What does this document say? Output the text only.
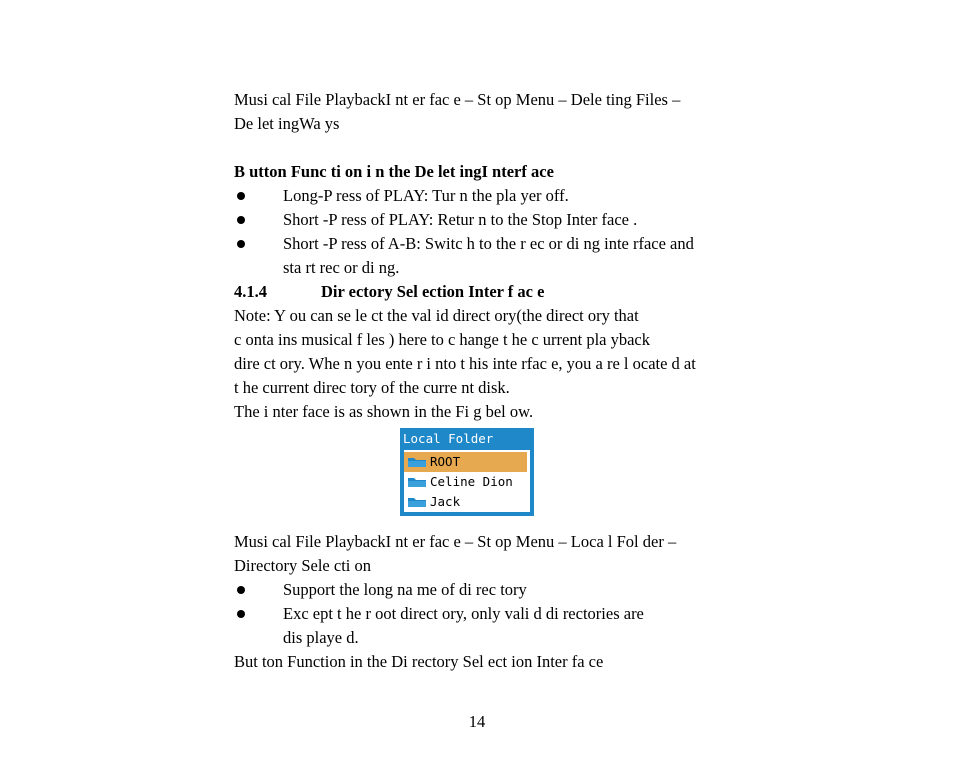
Musi cal File PlaybackI nt er fac e – St op Menu – Dele ting Files –

De let ingWa ys

B utton Func ti on i n the De let ingI nterf ace

Long-P ress of PLAY: Tur n the pla yer off.
Short -P ress of PLAY: Retur n to the Stop Inter face .
Short -P ress of A-B: Switc h to the r ec or di ng inte rface and
sta rt rec or di ng.

4.1.4	Dir ectory Sel ection Inter f ac e

Note: Y ou can se le ct the val id direct ory(the direct ory that

c onta ins musical f les ) here to c hange t he c urrent pla yback

dire ct ory. Whe n you ente r i nto t his inte rfac e, you a re l ocate d at

t he current direc tory of the curre nt disk.

The i nter face is as shown in the Fi g bel ow.

Local Folder
ROOT
Celine Dion
Jack

Musi cal File PlaybackI nt er fac e – St op Menu – Loca l Fol der –

Directory Sele cti on

Support the long na me of di rec tory
Exc ept t he r oot direct ory, only vali d di rectories are
dis playe d.

But ton Function in the Di rectory Sel ect ion Inter fa ce

14
